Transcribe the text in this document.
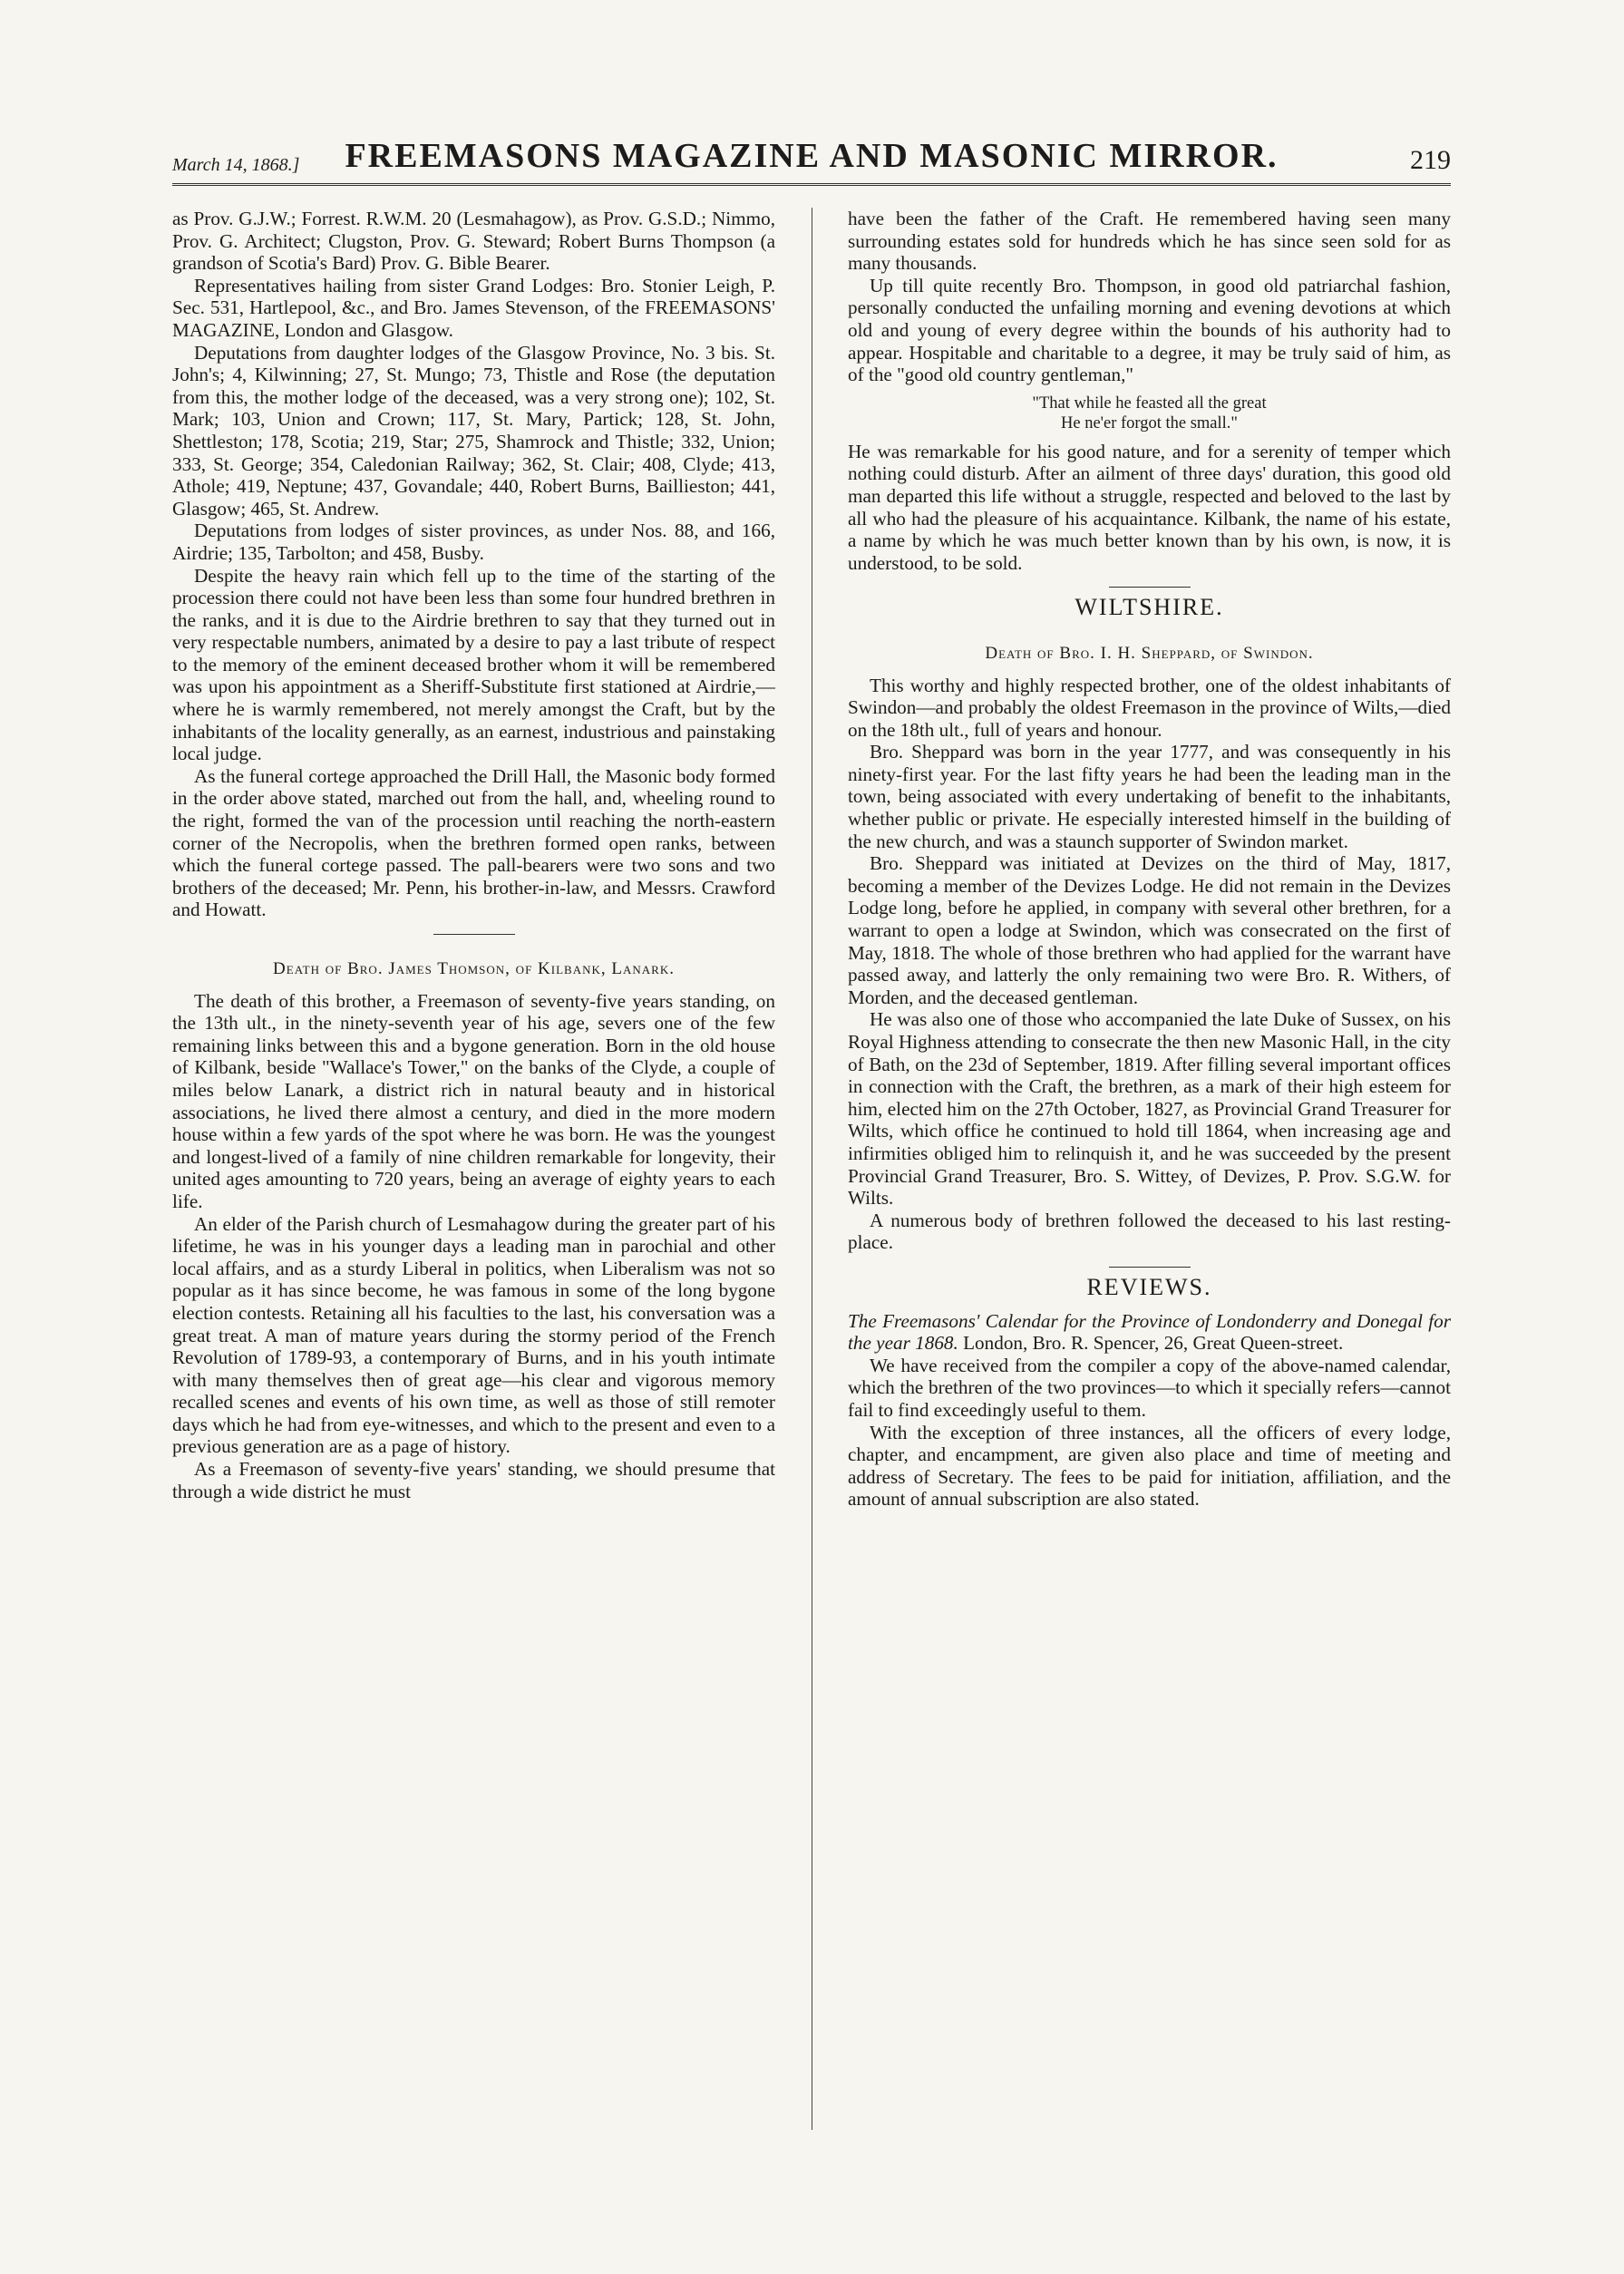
March 14, 1868.]	FREEMASONS MAGAZINE AND MASONIC MIRROR.	219

as Prov. G.J.W.; Forrest. R.W.M. 20 (Lesmahagow), as Prov. G.S.D.; Nimmo, Prov. G. Architect; Clugston, Prov. G. Steward; Robert Burns Thompson (a grandson of Scotia's Bard) Prov. G. Bible Bearer.

Representatives hailing from sister Grand Lodges: Bro. Stonier Leigh, P. Sec. 531, Hartlepool, &c., and Bro. James Stevenson, of the FREEMASONS' MAGAZINE, London and Glasgow.

Deputations from daughter lodges of the Glasgow Province, No. 3 bis. St. John's; 4, Kilwinning; 27, St. Mungo; 73, Thistle and Rose (the deputation from this, the mother lodge of the deceased, was a very strong one); 102, St. Mark; 103, Union and Crown; 117, St. Mary, Partick; 128, St. John, Shettleston; 178, Scotia; 219, Star; 275, Shamrock and Thistle; 332, Union; 333, St. George; 354, Caledonian Railway; 362, St. Clair; 408, Clyde; 413, Athole; 419, Neptune; 437, Govandale; 440, Robert Burns, Baillieston; 441, Glasgow; 465, St. Andrew.

Deputations from lodges of sister provinces, as under Nos. 88, and 166, Airdrie; 135, Tarbolton; and 458, Busby.

Despite the heavy rain which fell up to the time of the starting of the procession there could not have been less than some four hundred brethren in the ranks, and it is due to the Airdrie brethren to say that they turned out in very respectable numbers, animated by a desire to pay a last tribute of respect to the memory of the eminent deceased brother whom it will be remembered was upon his appointment as a Sheriff-Substitute first stationed at Airdrie,—where he is warmly remembered, not merely amongst the Craft, but by the inhabitants of the locality generally, as an earnest, industrious and painstaking local judge.

As the funeral cortege approached the Drill Hall, the Masonic body formed in the order above stated, marched out from the hall, and, wheeling round to the right, formed the van of the procession until reaching the north-eastern corner of the Necropolis, when the brethren formed open ranks, between which the funeral cortege passed. The pall-bearers were two sons and two brothers of the deceased; Mr. Penn, his brother-in-law, and Messrs. Crawford and Howatt.

Death of Bro. James Thomson, of Kilbank, Lanark.

The death of this brother, a Freemason of seventy-five years standing, on the 13th ult., in the ninety-seventh year of his age, severs one of the few remaining links between this and a bygone generation. Born in the old house of Kilbank, beside "Wallace's Tower," on the banks of the Clyde, a couple of miles below Lanark, a district rich in natural beauty and in historical associations, he lived there almost a century, and died in the more modern house within a few yards of the spot where he was born. He was the youngest and longest-lived of a family of nine children remarkable for longevity, their united ages amounting to 720 years, being an average of eighty years to each life.

An elder of the Parish church of Lesmahagow during the greater part of his lifetime, he was in his younger days a leading man in parochial and other local affairs, and as a sturdy Liberal in politics, when Liberalism was not so popular as it has since become, he was famous in some of the long bygone election contests. Retaining all his faculties to the last, his conversation was a great treat. A man of mature years during the stormy period of the French Revolution of 1789-93, a contemporary of Burns, and in his youth intimate with many themselves then of great age—his clear and vigorous memory recalled scenes and events of his own time, as well as those of still remoter days which he had from eye-witnesses, and which to the present and even to a previous generation are as a page of history.

As a Freemason of seventy-five years' standing, we should presume that through a wide district he must

have been the father of the Craft. He remembered having seen many surrounding estates sold for hundreds which he has since seen sold for as many thousands.

Up till quite recently Bro. Thompson, in good old patriarchal fashion, personally conducted the unfailing morning and evening devotions at which old and young of every degree within the bounds of his authority had to appear. Hospitable and charitable to a degree, it may be truly said of him, as of the "good old country gentleman,"

"That while he feasted all the great
He ne'er forgot the small."

He was remarkable for his good nature, and for a serenity of temper which nothing could disturb. After an ailment of three days' duration, this good old man departed this life without a struggle, respected and beloved to the last by all who had the pleasure of his acquaintance. Kilbank, the name of his estate, a name by which he was much better known than by his own, is now, it is understood, to be sold.

WILTSHIRE.
Death of Bro. I. H. Sheppard, of Swindon.

This worthy and highly respected brother, one of the oldest inhabitants of Swindon—and probably the oldest Freemason in the province of Wilts,—died on the 18th ult., full of years and honour.

Bro. Sheppard was born in the year 1777, and was consequently in his ninety-first year. For the last fifty years he had been the leading man in the town, being associated with every undertaking of benefit to the inhabitants, whether public or private. He especially interested himself in the building of the new church, and was a staunch supporter of Swindon market.

Bro. Sheppard was initiated at Devizes on the third of May, 1817, becoming a member of the Devizes Lodge. He did not remain in the Devizes Lodge long, before he applied, in company with several other brethren, for a warrant to open a lodge at Swindon, which was consecrated on the first of May, 1818. The whole of those brethren who had applied for the warrant have passed away, and latterly the only remaining two were Bro. R. Withers, of Morden, and the deceased gentleman.

He was also one of those who accompanied the late Duke of Sussex, on his Royal Highness attending to consecrate the then new Masonic Hall, in the city of Bath, on the 23d of September, 1819. After filling several important offices in connection with the Craft, the brethren, as a mark of their high esteem for him, elected him on the 27th October, 1827, as Provincial Grand Treasurer for Wilts, which office he continued to hold till 1864, when increasing age and infirmities obliged him to relinquish it, and he was succeeded by the present Provincial Grand Treasurer, Bro. S. Wittey, of Devizes, P. Prov. S.G.W. for Wilts.

A numerous body of brethren followed the deceased to his last resting-place.

REVIEWS.

The Freemasons' Calendar for the Province of Londonderry and Donegal for the year 1868. London, Bro. R. Spencer, 26, Great Queen-street.

We have received from the compiler a copy of the above-named calendar, which the brethren of the two provinces—to which it specially refers—cannot fail to find exceedingly useful to them.

With the exception of three instances, all the officers of every lodge, chapter, and encampment, are given also place and time of meeting and address of Secretary. The fees to be paid for initiation, affiliation, and the amount of annual subscription are also stated.
